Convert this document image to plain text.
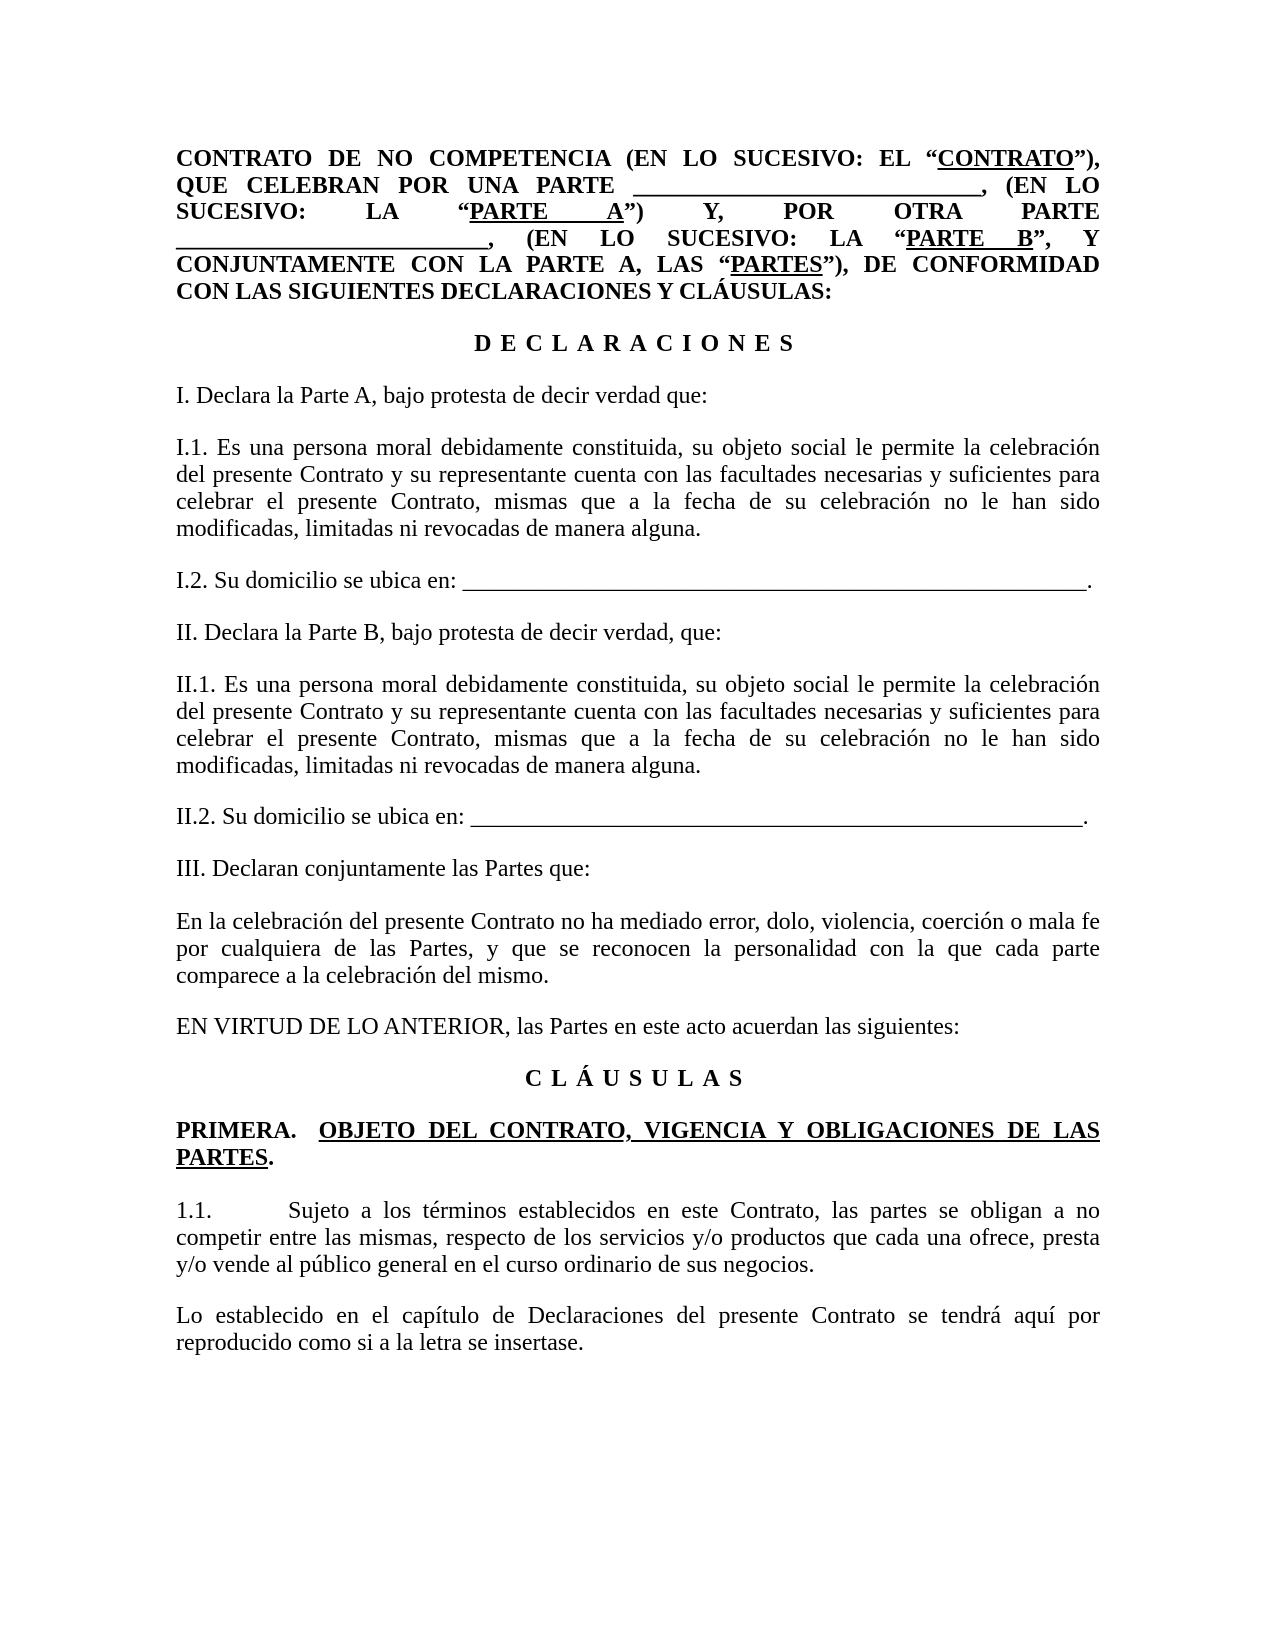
CONTRATO DE NO COMPETENCIA (EN LO SUCESIVO: EL “CONTRATO”),
QUE CELEBRAN POR UNA PARTE _____________________________, (EN LO
SUCESIVO: LA “PARTE A”) Y, POR OTRA PARTE
__________________________, (EN LO SUCESIVO: LA “PARTE B”, Y
CONJUNTAMENTE CON LA PARTE A, LAS “PARTES”), DE CONFORMIDAD
CON LAS SIGUIENTES DECLARACIONES Y CLÁUSULAS:
DECLARACIONES
I. Declara la Parte A, bajo protesta de decir verdad que:
I.1. Es una persona moral debidamente constituida, su objeto social le permite la celebración del presente Contrato y su representante cuenta con las facultades necesarias y suficientes para celebrar el presente Contrato, mismas que a la fecha de su celebración no le han sido modificadas, limitadas ni revocadas de manera alguna.
I.2. Su domicilio se ubica en: ____________________________________________________.
II. Declara la Parte B, bajo protesta de decir verdad, que:
II.1. Es una persona moral debidamente constituida, su objeto social le permite la celebración del presente Contrato y su representante cuenta con las facultades necesarias y suficientes para celebrar el presente Contrato, mismas que a la fecha de su celebración no le han sido modificadas, limitadas ni revocadas de manera alguna.
II.2. Su domicilio se ubica en: ___________________________________________________.
III. Declaran conjuntamente las Partes que:
En la celebración del presente Contrato no ha mediado error, dolo, violencia, coerción o mala fe por cualquiera de las Partes, y que se reconocen la personalidad con la que cada parte comparece a la celebración del mismo.
EN VIRTUD DE LO ANTERIOR, las Partes en este acto acuerdan las siguientes:
CLÁUSULAS
PRIMERA. OBJETO DEL CONTRATO, VIGENCIA Y OBLIGACIONES DE LAS PARTES.
1.1.	Sujeto a los términos establecidos en este Contrato, las partes se obligan a no competir entre las mismas, respecto de los servicios y/o productos que cada una ofrece, presta y/o vende al público general en el curso ordinario de sus negocios.
Lo establecido en el capítulo de Declaraciones del presente Contrato se tendrá aquí por reproducido como si a la letra se insertase.
